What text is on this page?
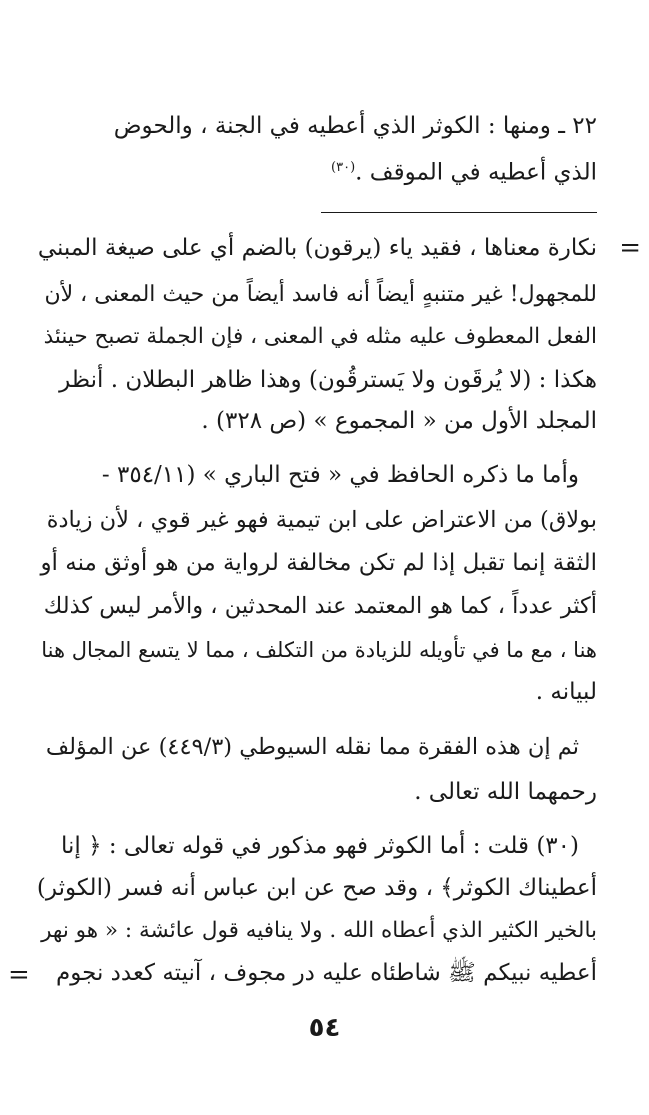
٢٢ ـ ومنها : الكوثر الذي أعطيه في الجنة ، والحوض
الذي أعطيه في الموقف .$^{(٣٠)}$
=
نكارة معناها ، فقيد ياء (يرقون) بالضم أي على صيغة المبني
للمجهول! غير متنبهٍ أيضاً أنه فاسد أيضاً من حيث المعنى ، لأن
الفعل المعطوف عليه مثله في المعنى ، فإن الجملة تصبح حينئذ
هكذا : (لا يُرقَون ولا يَسترقُون) وهذا ظاهر البطلان . أنظر
المجلد الأول من « المجموع » (ص ٣٢٨) .
وأما ما ذكره الحافظ في « فتح الباري » (٣٥٤/١١ -
بولاق) من الاعتراض على ابن تيمية فهو غير قوي ، لأن زيادة
الثقة إنما تقبل إذا لم تكن مخالفة لرواية من هو أوثق منه أو
أكثر عدداً ، كما هو المعتمد عند المحدثين ، والأمر ليس كذلك
هنا ، مع ما في تأويله للزيادة من التكلف ، مما لا يتسع المجال هنا
لبيانه .
ثم إن هذه الفقرة مما نقله السيوطي (٤٤٩/٣) عن المؤلف
رحمهما الله تعالى .
(٣٠) قلت : أما الكوثر فهو مذكور في قوله تعالى : ﴿ إنا
أعطيناك الكوثر﴾ ، وقد صح عن ابن عباس أنه فسر (الكوثر)
بالخير الكثير الذي أعطاه الله . ولا ينافيه قول عائشة : « هو نهر
أعطيه نبيكم ﷺ شاطئاه عليه در مجوف ، آنيته كعدد نجوم
=
٥٤
